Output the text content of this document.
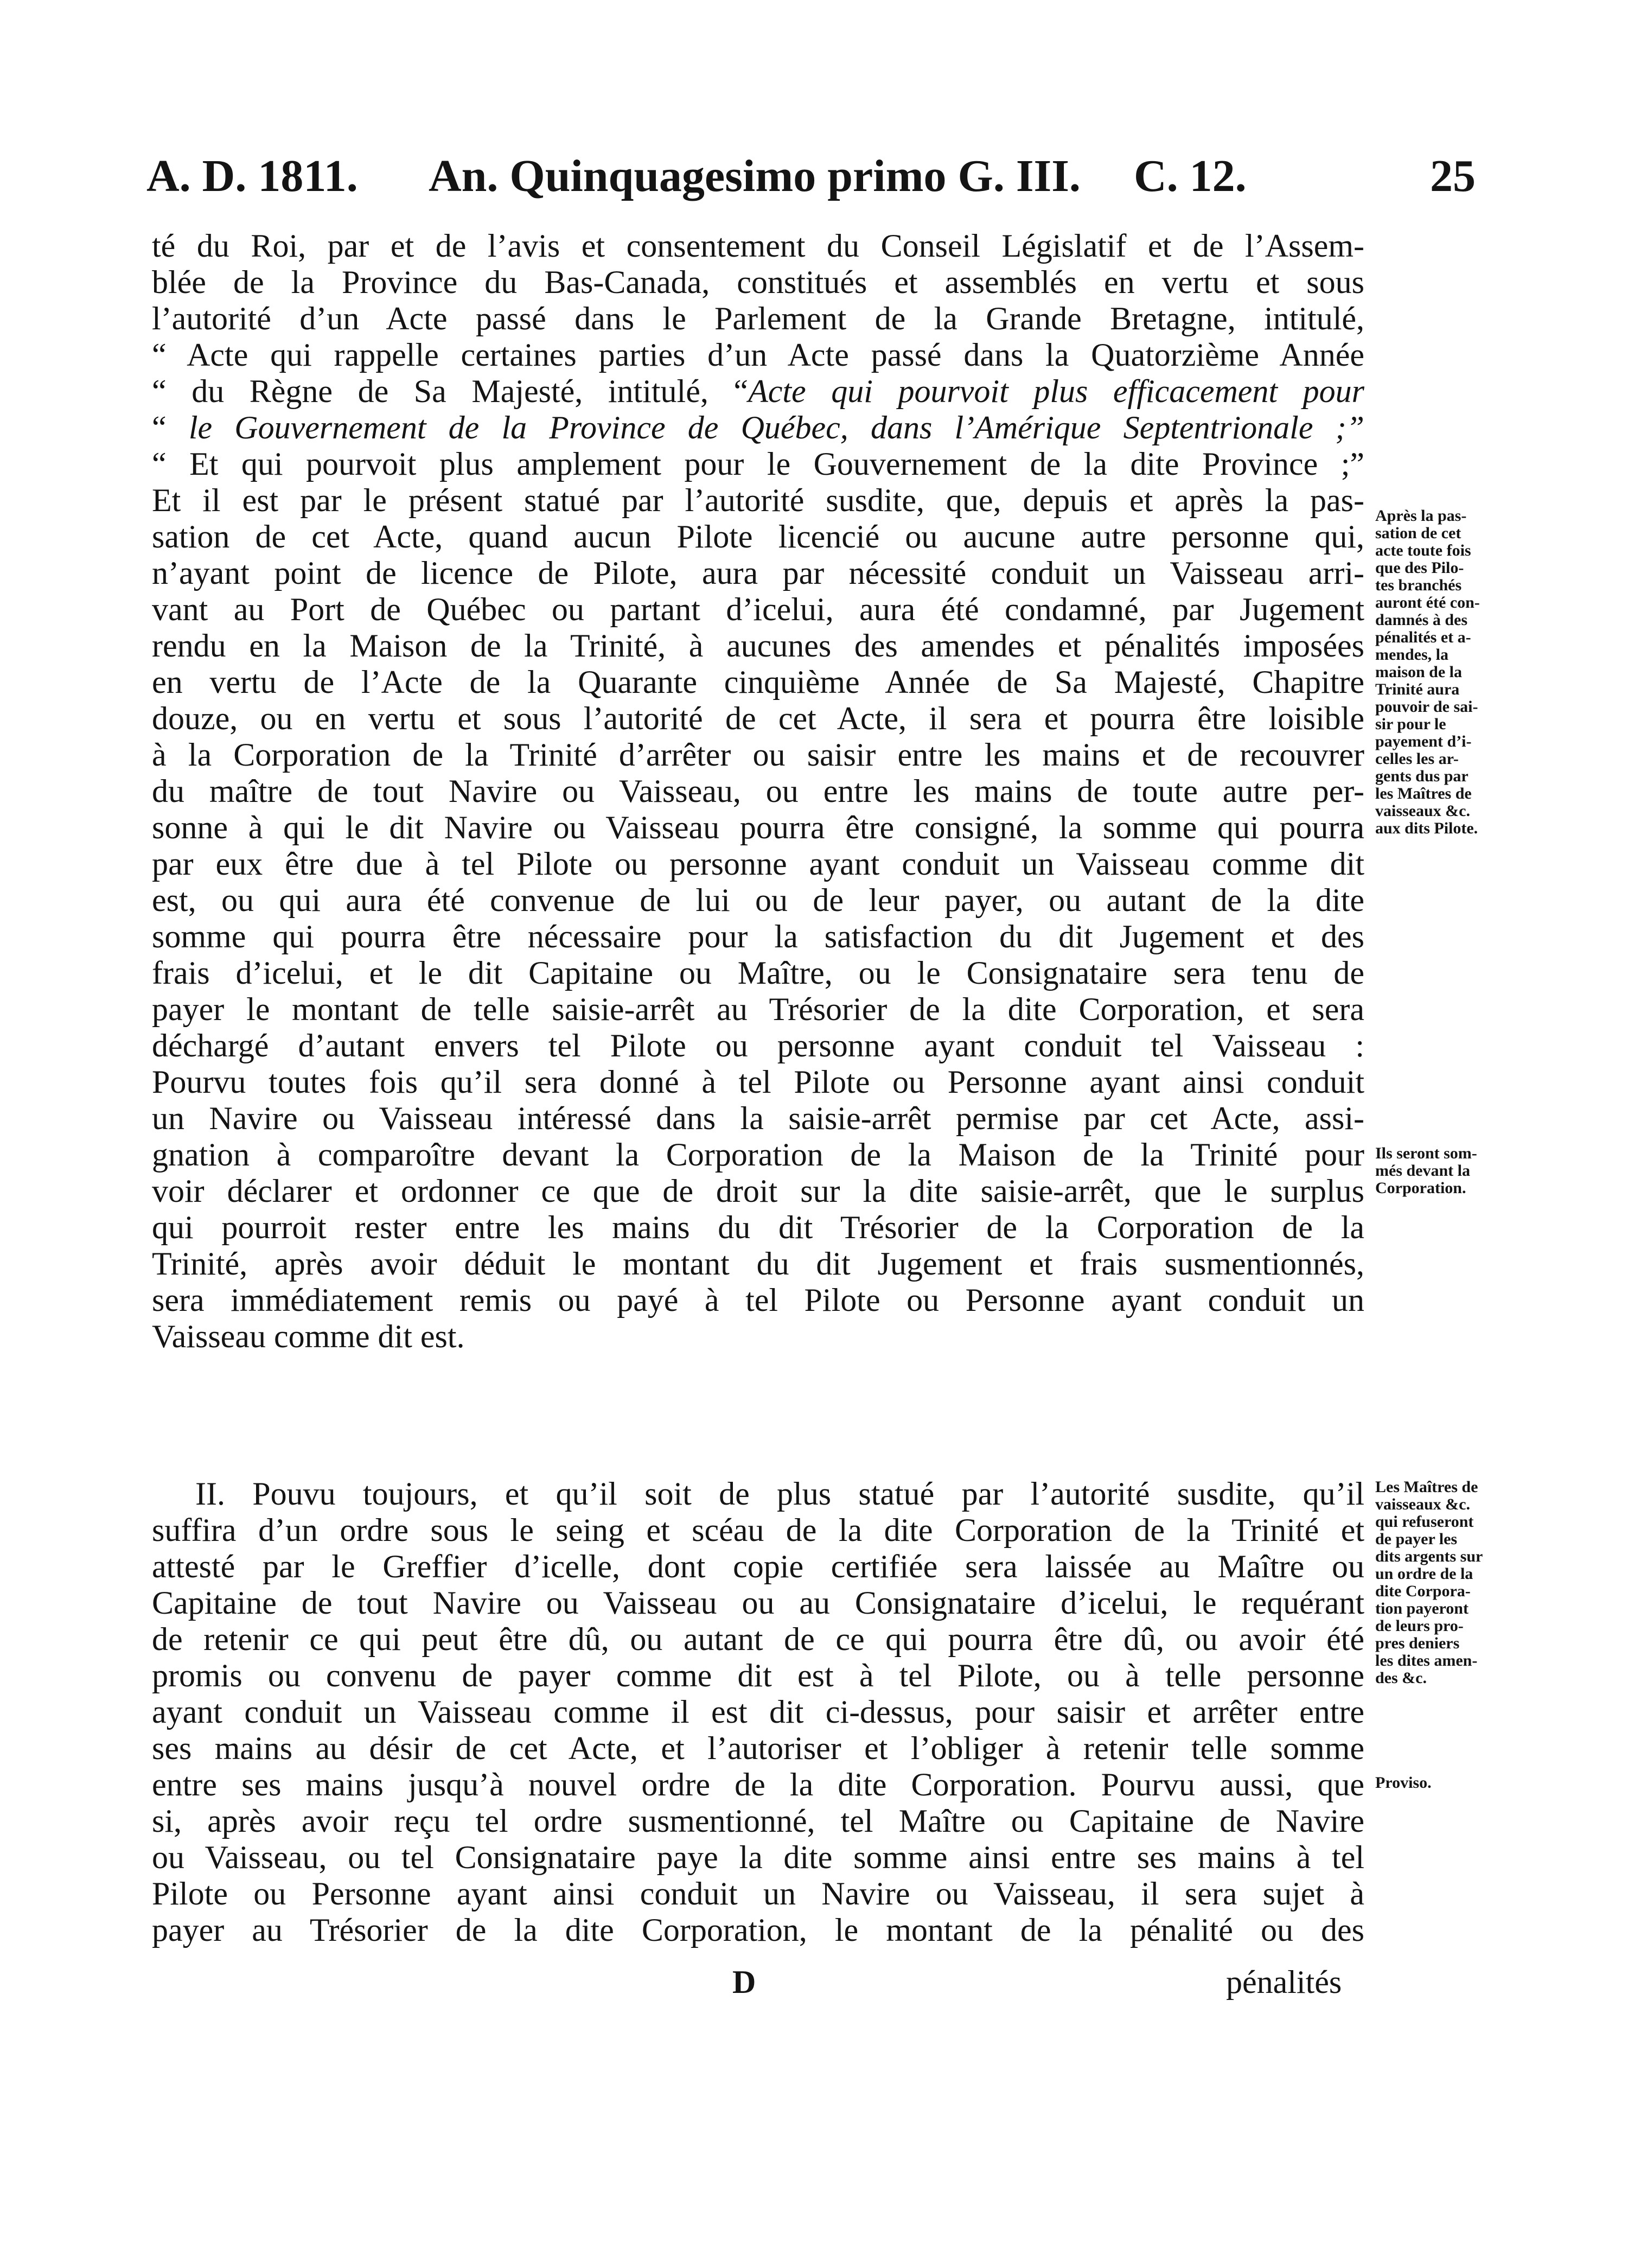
A. D. 1811. An. Quinquagesimo primo G. III. C. 12.	25
té du Roi, par et de l’avis et consentement du Conseil Législatif et de l’Assem-
blée de la Province du Bas-Canada, constitués et assemblés en vertu et sous
l’autorité d’un Acte passé dans le Parlement de la Grande Bretagne, intitulé,
“ Acte qui rappelle certaines parties d’un Acte passé dans la Quatorzième Année
“ du Règne de Sa Majesté, intitulé, “Acte qui pourvoit plus efficacement pour
“ le Gouvernement de la Province de Québec, dans l’Amérique Septentrionale ;”
“ Et qui pourvoit plus amplement pour le Gouvernement de la dite Province ;”
Et il est par le présent statué par l’autorité susdite, que, depuis et après la pas-
sation de cet Acte, quand aucun Pilote licencié ou aucune autre personne qui,
n’ayant point de licence de Pilote, aura par nécessité conduit un Vaisseau arri-
vant au Port de Québec ou partant d’icelui, aura été condamné, par Jugement
rendu en la Maison de la Trinité, à aucunes des amendes et pénalités imposées
en vertu de l’Acte de la Quarante cinquième Année de Sa Majesté, Chapitre
douze, ou en vertu et sous l’autorité de cet Acte, il sera et pourra être loisible
à la Corporation de la Trinité d’arrêter ou saisir entre les mains et de recouvrer
du maître de tout Navire ou Vaisseau, ou entre les mains de toute autre per-
sonne à qui le dit Navire ou Vaisseau pourra être consigné, la somme qui pourra
par eux être due à tel Pilote ou personne ayant conduit un Vaisseau comme dit
est, ou qui aura été convenue de lui ou de leur payer, ou autant de la dite
somme qui pourra être nécessaire pour la satisfaction du dit Jugement et des
frais d’icelui, et le dit Capitaine ou Maître, ou le Consignataire sera tenu de
payer le montant de telle saisie-arrêt au Trésorier de la dite Corporation, et sera
déchargé d’autant envers tel Pilote ou personne ayant conduit tel Vaisseau :
Pourvu toutes fois qu’il sera donné à tel Pilote ou Personne ayant ainsi conduit
un Navire ou Vaisseau intéressé dans la saisie-arrêt permise par cet Acte, assi-
gnation à comparoître devant la Corporation de la Maison de la Trinité pour
voir déclarer et ordonner ce que de droit sur la dite saisie-arrêt, que le surplus
qui pourroit rester entre les mains du dit Trésorier de la Corporation de la
Trinité, après avoir déduit le montant du dit Jugement et frais susmentionnés,
sera immédiatement remis ou payé à tel Pilote ou Personne ayant conduit un
Vaisseau comme dit est.
Après la pas-
sation de cet
acte toute fois
que des Pilo-
tes branchés
auront été con-
damnés à des
pénalités et a-
mendes, la
maison de la
Trinité aura
pouvoir de sai-
sir pour le
payement d’i-
celles les ar-
gents dus par
les Maîtres de
vaisseaux &c.
aux dits Pilote.
Ils seront som-
més devant la
Corporation.
II. Pouvu toujours, et qu’il soit de plus statué par l’autorité susdite, qu’il
suffira d’un ordre sous le seing et scéau de la dite Corporation de la Trinité et
attesté par le Greffier d’icelle, dont copie certifiée sera laissée au Maître ou
Capitaine de tout Navire ou Vaisseau ou au Consignataire d’icelui, le requérant
de retenir ce qui peut être dû, ou autant de ce qui pourra être dû, ou avoir été
promis ou convenu de payer comme dit est à tel Pilote, ou à telle personne
ayant conduit un Vaisseau comme il est dit ci-dessus, pour saisir et arrêter entre
ses mains au désir de cet Acte, et l’autoriser et l’obliger à retenir telle somme
entre ses mains jusqu’à nouvel ordre de la dite Corporation. Pourvu aussi, que
si, après avoir reçu tel ordre susmentionné, tel Maître ou Capitaine de Navire
ou Vaisseau, ou tel Consignataire paye la dite somme ainsi entre ses mains à tel
Pilote ou Personne ayant ainsi conduit un Navire ou Vaisseau, il sera sujet à
payer au Trésorier de la dite Corporation, le montant de la pénalité ou des
Les Maîtres de
vaisseaux &c.
qui refuseront
de payer les
dits argents sur
un ordre de la
dite Corpora-
tion payeront
de leurs pro-
pres deniers
les dites amen-
des &c.
Proviso.
D	pénalités
